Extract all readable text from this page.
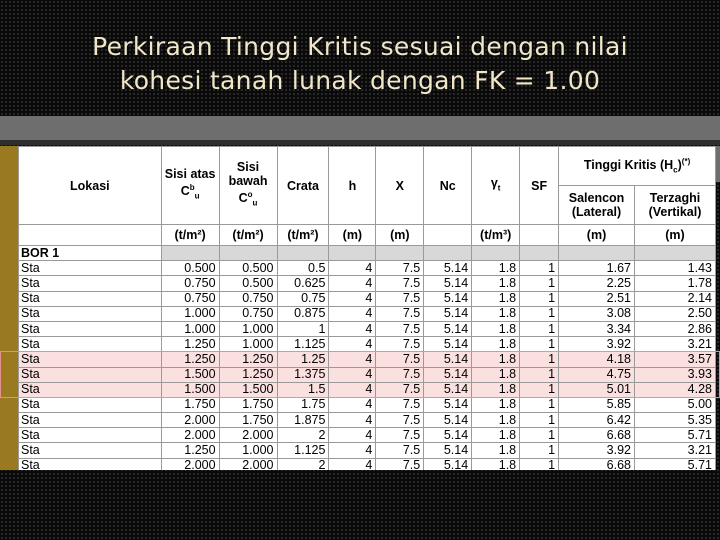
Perkiraan Tinggi Kritis sesuai dengan nilai
kohesi tanah lunak dengan FK = 1.00
Lokasi	Sisi atas $C^b_u$	Sisi bawah $C^o_u$	Crata	h	X	Nc	$\gamma_t$	SF	Tinggi Kritis $(H_c)^{(*)}$
									Salencon (Lateral)	Terzaghi (Vertikal)
	(t/m²)	(t/m²)	(t/m²)	(m)	(m)		(t/m³)		(m)	(m)
BOR 1										
Sta	0.500	0.500	0.5	4	7.5	5.14	1.8	1	1.67	1.43
Sta	0.750	0.500	0.625	4	7.5	5.14	1.8	1	2.25	1.78
Sta	0.750	0.750	0.75	4	7.5	5.14	1.8	1	2.51	2.14
Sta	1.000	0.750	0.875	4	7.5	5.14	1.8	1	3.08	2.50
Sta	1.000	1.000	1	4	7.5	5.14	1.8	1	3.34	2.86
Sta	1.250	1.000	1.125	4	7.5	5.14	1.8	1	3.92	3.21
Sta	1.250	1.250	1.25	4	7.5	5.14	1.8	1	4.18	3.57
Sta	1.500	1.250	1.375	4	7.5	5.14	1.8	1	4.75	3.93
Sta	1.500	1.500	1.5	4	7.5	5.14	1.8	1	5.01	4.28
Sta	1.750	1.750	1.75	4	7.5	5.14	1.8	1	5.85	5.00
Sta	2.000	1.750	1.875	4	7.5	5.14	1.8	1	6.42	5.35
Sta	2.000	2.000	2	4	7.5	5.14	1.8	1	6.68	5.71
Sta	1.250	1.000	1.125	4	7.5	5.14	1.8	1	3.92	3.21
Sta	2.000	2.000	2	4	7.5	5.14	1.8	1	6.68	5.71
